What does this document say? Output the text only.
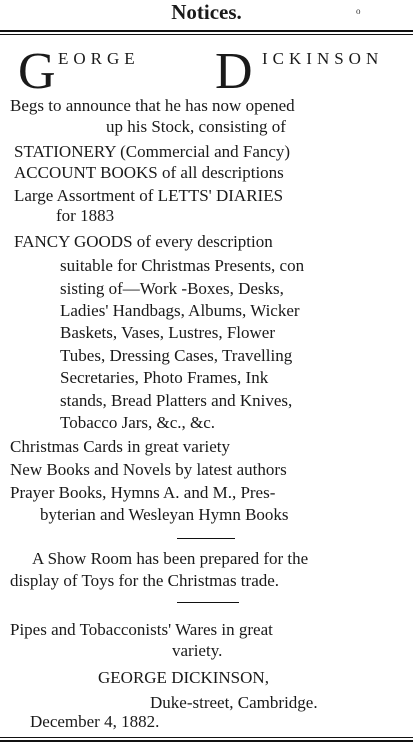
Notices.	o
G EORGE D ICKINSON
Begs to announce that he has now opened
up his Stock, consisting of
STATIONERY (Commercial and Fancy)
ACCOUNT BOOKS of all descriptions
Large Assortment of LETTS' DIARIES
for 1883
FANCY GOODS of every description
suitable for Christmas Presents, con
sisting of—Work -Boxes, Desks,
Ladies' Handbags, Albums, Wicker
Baskets, Vases, Lustres, Flower
Tubes, Dressing Cases, Travelling
Secretaries, Photo Frames, Ink
stands, Bread Platters and Knives,
Tobacco Jars, &c., &c.
Christmas Cards in great variety
New Books and Novels by latest authors
Prayer Books, Hymns A. and M., Pres-
byterian and Wesleyan Hymn Books
A Show Room has been prepared for the
display of Toys for the Christmas trade.
Pipes and Tobacconists' Wares in great
variety.
GEORGE DICKINSON,
Duke-street, Cambridge.
December 4, 1882.
